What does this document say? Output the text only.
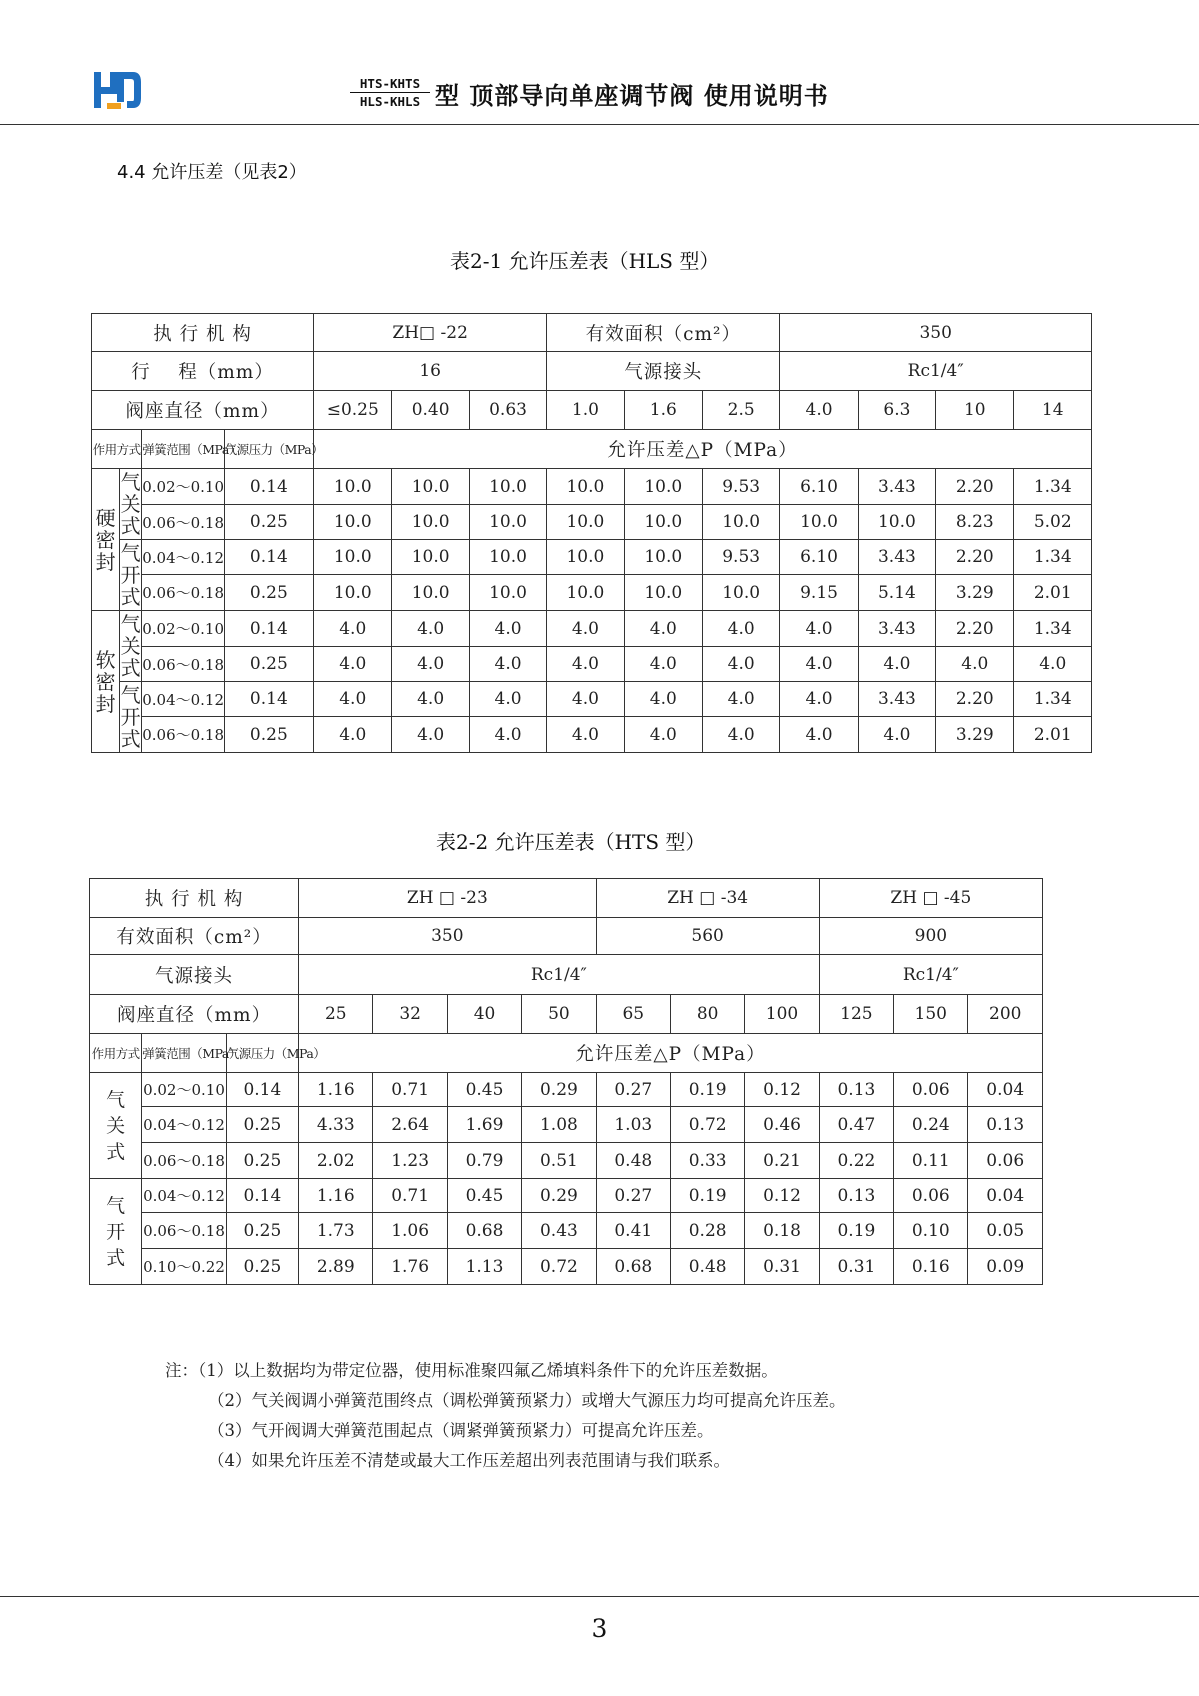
HTS-KHTS
HLS-KHLS 型 顶部导向单座调节阀 使用说明书
4.4 允许压差（见表2）
表2-1 允许压差表（HLS 型）
执 行 机 构				ZH□ -22			有效面积（cm²）			350			
行    程（mm）				16			气源接头			Rc1/4″			
阀座直径（mm）				≤0.25	0.40	0.63	1.0	1.6	2.5	4.0	6.3	10	14
作用方式		弹簧范围（MPa）	气源压力（MPa）	允许压差△P（MPa）									

硬
密
封	气
关
式	0.02～0.10	0.14	10.0	10.0	10.0	10.0	10.0	9.53	6.10	3.43	2.20	1.34
		0.06～0.18	0.25	10.0	10.0	10.0	10.0	10.0	10.0	10.0	10.0	8.23	5.02

	气
开
式	0.04～0.12	0.14	10.0	10.0	10.0	10.0	10.0	9.53	6.10	3.43	2.20	1.34
		0.06～0.18	0.25	10.0	10.0	10.0	10.0	10.0	10.0	9.15	5.14	3.29	2.01

软
密
封	气
关
式	0.02～0.10	0.14	4.0	4.0	4.0	4.0	4.0	4.0	4.0	3.43	2.20	1.34
		0.06～0.18	0.25	4.0	4.0	4.0	4.0	4.0	4.0	4.0	4.0	4.0	4.0

	气
开
式	0.04～0.12	0.14	4.0	4.0	4.0	4.0	4.0	4.0	4.0	3.43	2.20	1.34
		0.06～0.18	0.25	4.0	4.0	4.0	4.0	4.0	4.0	4.0	4.0	3.29	2.01
表2-2 允许压差表（HTS 型）
执 行 机 构			ZH □ -23				ZH □ -34			ZH □ -45		
有效面积（cm²）			350				560			900		
气源接头			Rc1/4″							Rc1/4″		
阀座直径（mm）			25	32	40	50	65	80	100	125	150	200
作用方式	弹簧范围（MPa）	气源压力（MPa）	允许压差△P（MPa）									

气
关
式	0.02～0.10	0.14	1.16	0.71	0.45	0.29	0.27	0.19	0.12	0.13	0.06	0.04
	0.04～0.12	0.25	4.33	2.64	1.69	1.08	1.03	0.72	0.46	0.47	0.24	0.13
	0.06～0.18	0.25	2.02	1.23	0.79	0.51	0.48	0.33	0.21	0.22	0.11	0.06

气
开
式	0.04～0.12	0.14	1.16	0.71	0.45	0.29	0.27	0.19	0.12	0.13	0.06	0.04
	0.06～0.18	0.25	1.73	1.06	0.68	0.43	0.41	0.28	0.18	0.19	0.10	0.05
	0.10～0.22	0.25	2.89	1.76	1.13	0.72	0.68	0.48	0.31	0.31	0.16	0.09
注：（1）以上数据均为带定位器，使用标准聚四氟乙烯填料条件下的允许压差数据。
（2）气关阀调小弹簧范围终点（调松弹簧预紧力）或增大气源压力均可提高允许压差。
（3）气开阀调大弹簧范围起点（调紧弹簧预紧力）可提高允许压差。
（4）如果允许压差不清楚或最大工作压差超出列表范围请与我们联系。
3
